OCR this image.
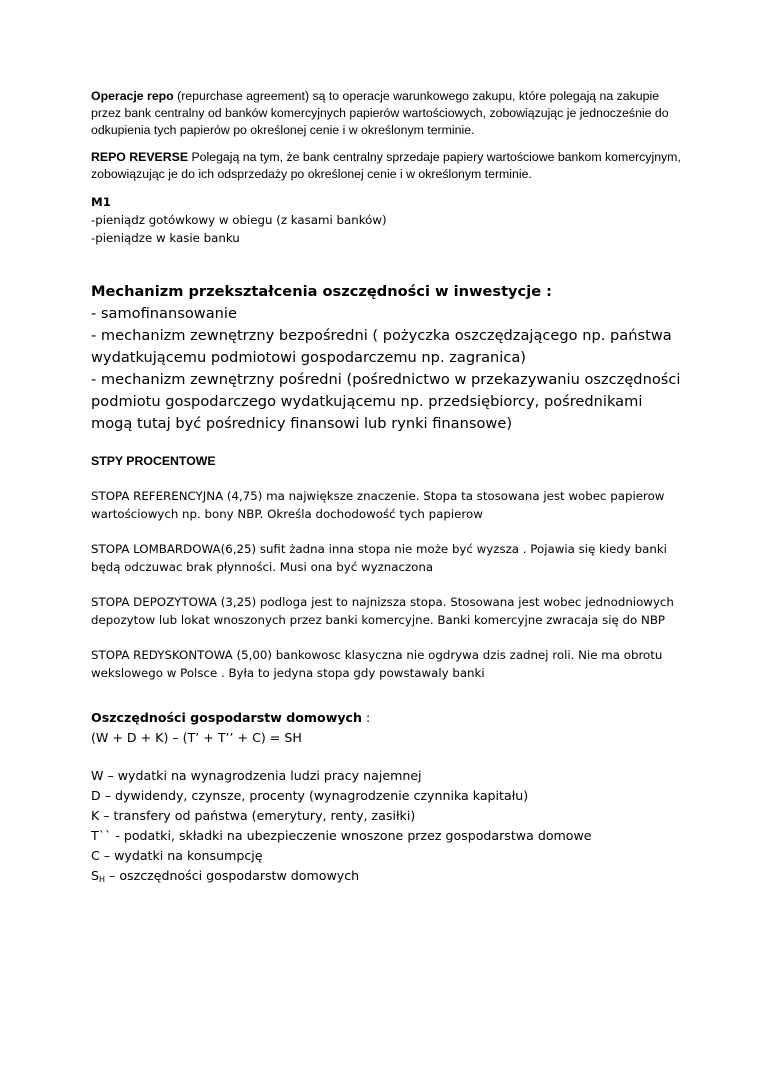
Operacje repo (repurchase agreement) są to operacje warunkowego zakupu, które polegają na zakupie przez bank centralny od banków komercyjnych papierów wartościowych, zobowiązując je jednocześnie do odkupienia tych papierów po określonej cenie i w określonym terminie.

REPO REVERSE Polegają na tym, że bank centralny sprzedaje papiery wartościowe bankom komercyjnym, zobowiązując je do ich odsprzedaży po określonej cenie i w określonym terminie.

M1
-pieniądz gotówkowy w obiegu (z kasami banków)
-pieniądze w kasie banku
Mechanizm przekształcenia oszczędności w inwestycje :
- samofinansowanie
- mechanizm zewnętrzny bezpośredni ( pożyczka oszczędzającego np. państwa wydatkującemu podmiotowi gospodarczemu np. zagranica)
- mechanizm zewnętrzny pośredni (pośrednictwo w przekazywaniu oszczędności podmiotu gospodarczego wydatkującemu np. przedsiębiorcy, pośrednikami mogą tutaj być pośrednicy finansowi lub rynki finansowe)

STPY PROCENTOWE

STOPA REFERENCYJNA (4,75) ma największe znaczenie. Stopa ta stosowana jest wobec papierow wartościowych np. bony NBP. Określa dochodowość tych papierow

STOPA LOMBARDOWA(6,25) sufit żadna inna stopa nie może być wyzsza . Pojawia się kiedy banki będą odczuwac brak płynności. Musi ona być wyznaczona

STOPA DEPOZYTOWA (3,25) podloga jest to najnizsza stopa. Stosowana jest wobec jednodniowych depozytow lub lokat wnoszonych przez banki komercyjne. Banki komercyjne zwracaja się do NBP

STOPA REDYSKONTOWA (5,00) bankowosc klasyczna nie ogdrywa dzis zadnej roli. Nie ma obrotu wekslowego w Polsce . Była to jedyna stopa gdy powstawaly banki

Oszczędności gospodarstw domowych :
(W + D + K) – (T’ + T’’ + C) = SH
W – wydatki na wynagrodzenia ludzi pracy najemnej
D – dywidendy, czynsze, procenty (wynagrodzenie czynnika kapitału)
K – transfery od państwa (emerytury, renty, zasiłki)
T`` - podatki, składki na ubezpieczenie wnoszone przez gospodarstwa domowe
C – wydatki na konsumpcję
$S_H$ – oszczędności gospodarstw domowych
